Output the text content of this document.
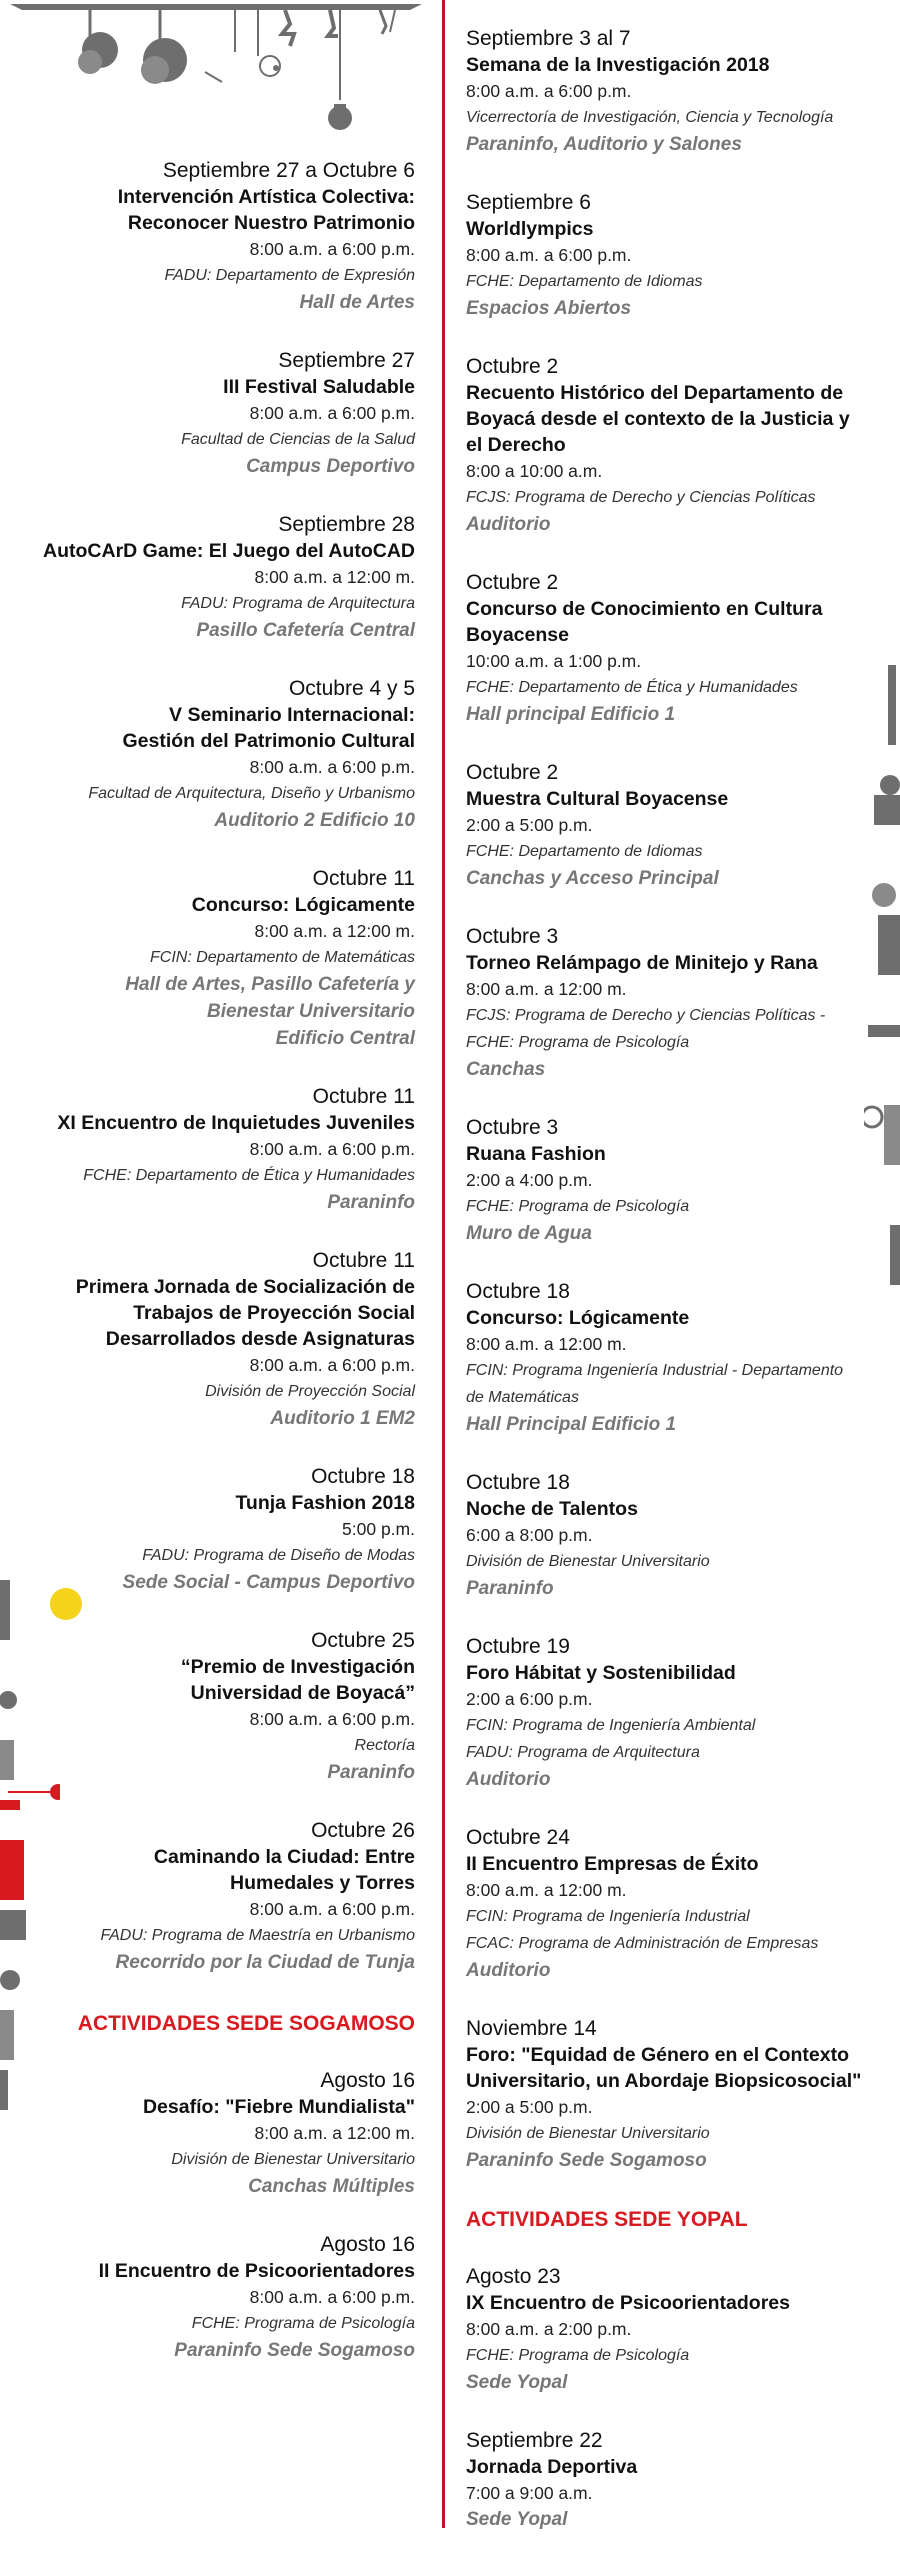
Septiembre 27 a Octubre 6
Intervención Artística Colectiva:
Reconocer Nuestro Patrimonio
8:00 a.m. a 6:00 p.m.
FADU: Departamento de Expresión
Hall de Artes
Septiembre 27
III Festival Saludable
8:00 a.m. a 6:00 p.m.
Facultad de Ciencias de la Salud
Campus Deportivo
Septiembre 28
AutoCArD Game: El Juego del AutoCAD
8:00 a.m. a 12:00 m.
FADU: Programa de Arquitectura
Pasillo Cafetería Central
Octubre 4 y 5
V Seminario Internacional:
Gestión del Patrimonio Cultural
8:00 a.m. a 6:00 p.m.
Facultad de Arquitectura, Diseño y Urbanismo
Auditorio 2 Edificio 10
Octubre 11
Concurso: Lógicamente
8:00 a.m. a 12:00 m.
FCIN: Departamento de Matemáticas
Hall de Artes, Pasillo Cafetería y
Bienestar Universitario
Edificio Central
Octubre 11
XI Encuentro de Inquietudes Juveniles
8:00 a.m. a 6:00 p.m.
FCHE: Departamento de Ética y Humanidades
Paraninfo
Octubre 11
Primera Jornada de Socialización de
Trabajos de Proyección Social
Desarrollados desde Asignaturas
8:00 a.m. a 6:00 p.m.
División de Proyección Social
Auditorio 1 EM2
Octubre 18
Tunja Fashion 2018
5:00 p.m.
FADU: Programa de Diseño de Modas
Sede Social - Campus Deportivo
Octubre 25
“Premio de Investigación
Universidad de Boyacá”
8:00 a.m. a 6:00 p.m.
Rectoría
Paraninfo
Octubre 26
Caminando la Ciudad: Entre
Humedales y Torres
8:00 a.m. a 6:00 p.m.
FADU: Programa de Maestría en Urbanismo
Recorrido por la Ciudad de Tunja
ACTIVIDADES SEDE SOGAMOSO
Agosto 16
Desafío: "Fiebre Mundialista"
8:00 a.m. a 12:00 m.
División de Bienestar Universitario
Canchas Múltiples
Agosto 16
II Encuentro de Psicoorientadores
8:00 a.m. a 6:00 p.m.
FCHE: Programa de Psicología
Paraninfo Sede Sogamoso
Septiembre 3 al 7
Semana de la Investigación 2018
8:00 a.m. a 6:00 p.m.
Vicerrectoría de Investigación, Ciencia y Tecnología
Paraninfo, Auditorio y Salones
Septiembre 6
Worldlympics
8:00 a.m. a 6:00 p.m.
FCHE: Departamento de Idiomas
Espacios Abiertos
Octubre 2
Recuento Histórico del Departamento de
Boyacá desde el contexto de la Justicia y
el Derecho
8:00 a 10:00 a.m.
FCJS: Programa de Derecho y Ciencias Políticas
Auditorio
Octubre 2
Concurso de Conocimiento en Cultura
Boyacense
10:00 a.m. a 1:00 p.m.
FCHE: Departamento de Ética y Humanidades
Hall principal Edificio 1
Octubre 2
Muestra Cultural Boyacense
2:00 a 5:00 p.m.
FCHE: Departamento de Idiomas
Canchas y Acceso Principal
Octubre 3
Torneo Relámpago de Minitejo y Rana
8:00 a.m. a 12:00 m.
FCJS: Programa de Derecho y Ciencias Políticas -
FCHE: Programa de Psicología
Canchas
Octubre 3
Ruana Fashion
2:00 a 4:00 p.m.
FCHE: Programa de Psicología
Muro de Agua
Octubre 18
Concurso: Lógicamente
8:00 a.m. a 12:00 m.
FCIN: Programa Ingeniería Industrial - Departamento
de Matemáticas
Hall Principal Edificio 1
Octubre 18
Noche de Talentos
6:00 a 8:00 p.m.
División de Bienestar Universitario
Paraninfo
Octubre 19
Foro Hábitat y Sostenibilidad
2:00 a 6:00 p.m.
FCIN: Programa de Ingeniería Ambiental
FADU: Programa de Arquitectura
Auditorio
Octubre 24
II Encuentro Empresas de Éxito
8:00 a.m. a 12:00 m.
FCIN: Programa de Ingeniería Industrial
FCAC: Programa de Administración de Empresas
Auditorio
Noviembre 14
Foro: "Equidad de Género en el Contexto
Universitario, un Abordaje Biopsicosocial"
2:00 a 5:00 p.m.
División de Bienestar Universitario
Paraninfo Sede Sogamoso
ACTIVIDADES SEDE YOPAL
Agosto 23
IX Encuentro de Psicoorientadores
8:00 a.m. a 2:00 p.m.
FCHE: Programa de Psicología
Sede Yopal
Septiembre 22
Jornada Deportiva
7:00 a 9:00 a.m.
Sede Yopal
